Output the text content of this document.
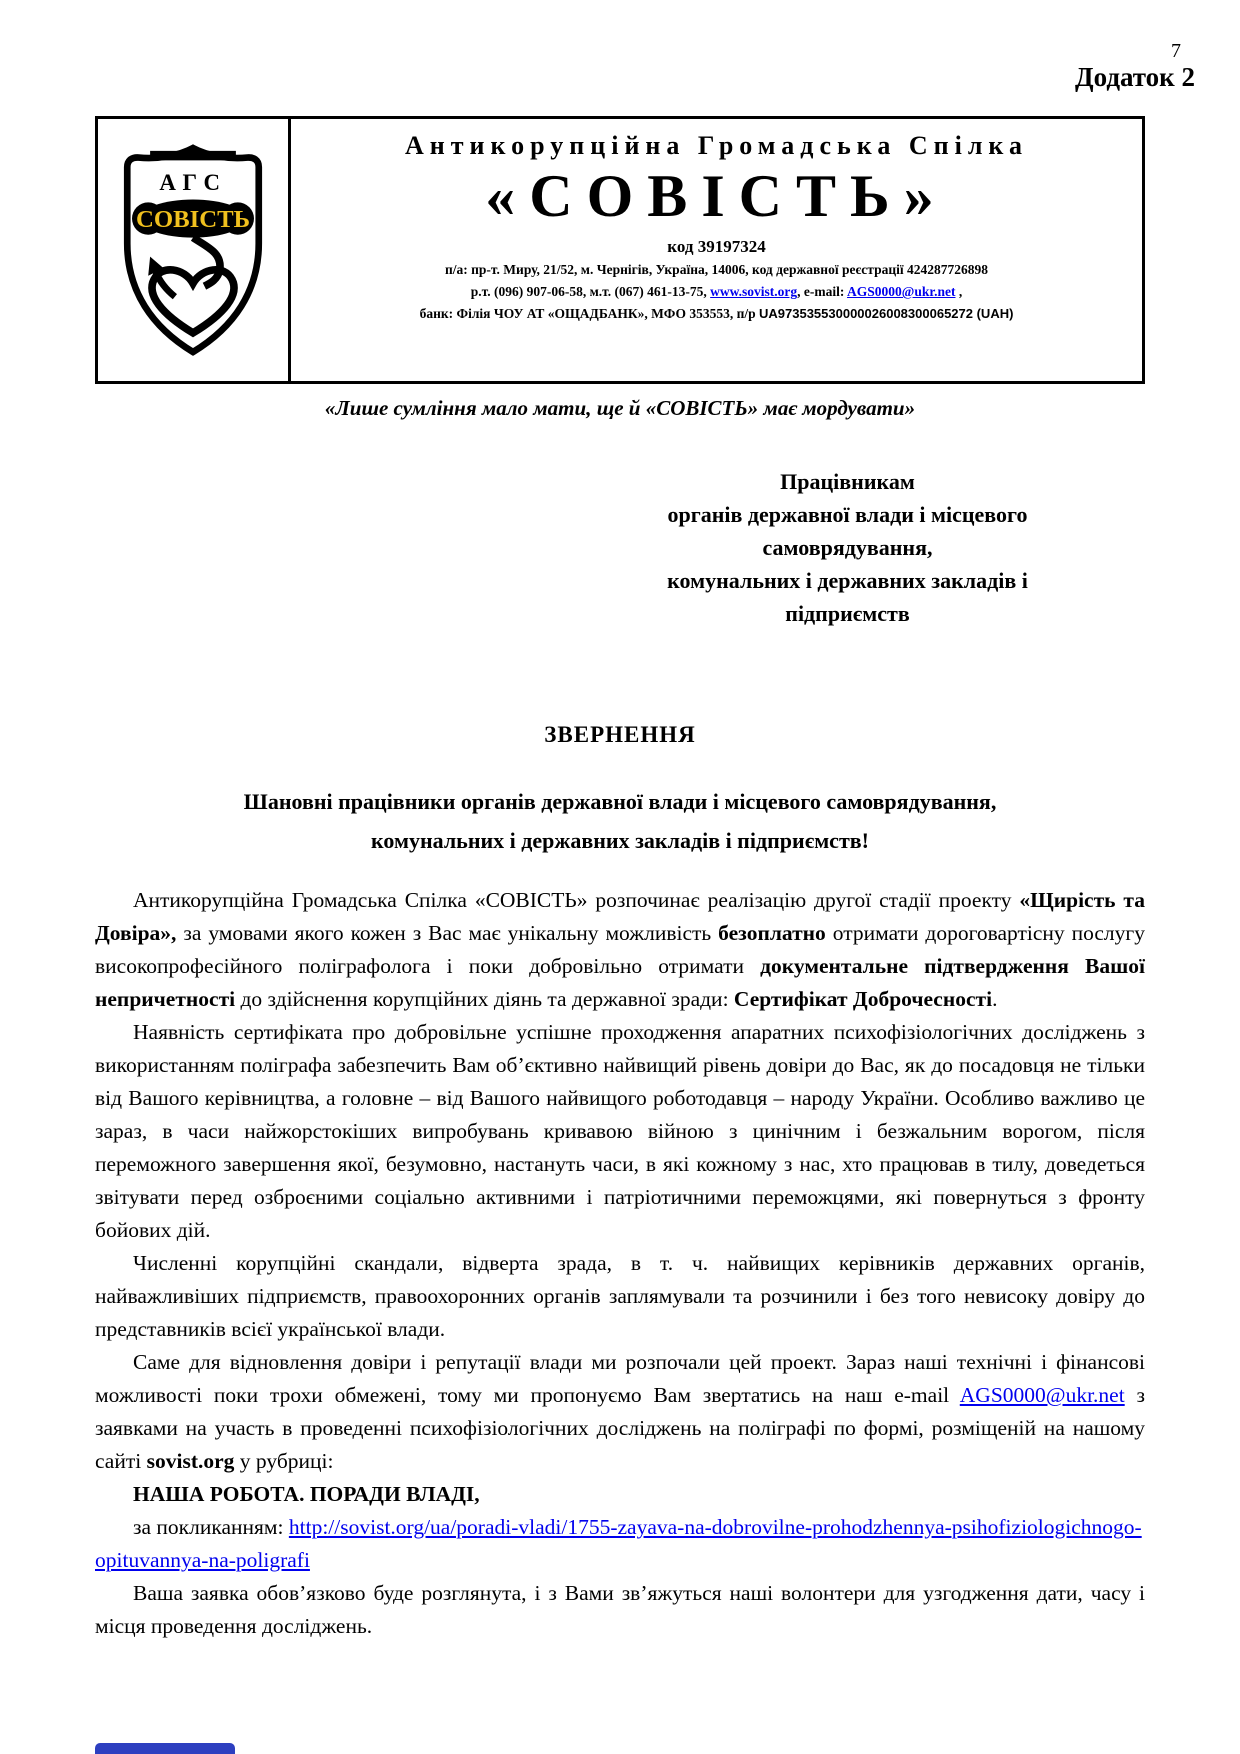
7
Додаток 2
АГС
СОВІСТЬ
Антикорупційна Громадська Спілка
«СОВІСТЬ»
код 39197324
п/а: пр-т. Миру, 21/52, м. Чернігів, Україна, 14006, код державної реєстрації 424287726898
р.т. (096) 907-06-58, м.т. (067) 461-13-75, www.sovist.org, e-mail: AGS0000@ukr.net ,
банк: Філія ЧОУ АТ «ОЩАДБАНК», МФО 353553, п/р UA973535530000026008300065272 (UAH)
«Лише сумління мало мати, ще й «СОВІСТЬ» має мордувати»
Працівникам
органів державної влади і місцевого
самоврядування,
комунальних і державних закладів і
підприємств
ЗВЕРНЕННЯ
Шановні працівники органів державної влади і місцевого самоврядування,
комунальних і державних закладів і підприємств!

Антикорупційна Громадська Спілка «СОВІСТЬ» розпочинає реалізацію другої стадії проекту «Щирість та Довіра», за умовами якого кожен з Вас має унікальну можливість безоплатно отримати дороговартісну послугу високопрофесійного поліграфолога і поки добровільно отримати документальне підтвердження Вашої непричетності до здійснення корупційних діянь та державної зради: Сертифікат Доброчесності.

Наявність сертифіката про добровільне успішне проходження апаратних психофізіологічних досліджень з використанням поліграфа забезпечить Вам об’єктивно найвищий рівень довіри до Вас, як до посадовця не тільки від Вашого керівництва, а головне – від Вашого найвищого роботодавця – народу України. Особливо важливо це зараз, в часи найжорстокіших випробувань кривавою війною з цинічним і безжальним ворогом, після переможного завершення якої, безумовно, настануть часи, в які кожному з нас, хто працював в тилу, доведеться звітувати перед озброєними соціально активними і патріотичними переможцями, які повернуться з фронту бойових дій.

Численні корупційні скандали, відверта зрада, в т. ч. найвищих керівників державних органів, найважливіших підприємств, правоохоронних органів заплямували та розчинили і без того невисоку довіру до представників всієї української влади.

Саме для відновлення довіри і репутації влади ми розпочали цей проект. Зараз наші технічні і фінансові можливості поки трохи обмежені, тому ми пропонуємо Вам звертатись на наш e-mail AGS0000@ukr.net з заявками на участь в проведенні психофізіологічних досліджень на поліграфі по формі, розміщеній на нашому сайті sovist.org у рубриці:

НАША РОБОТА. ПОРАДИ ВЛАДІ,

за покликанням: http://sovist.org/ua/poradi-vladi/1755-zayava-na-dobrovilne-prohodzhennya-psihofiziologichnogo-opituvannya-na-poligrafi

Ваша заявка обов’язково буде розглянута, і з Вами зв’яжуться наші волонтери для узгодження дати, часу і місця проведення досліджень.
